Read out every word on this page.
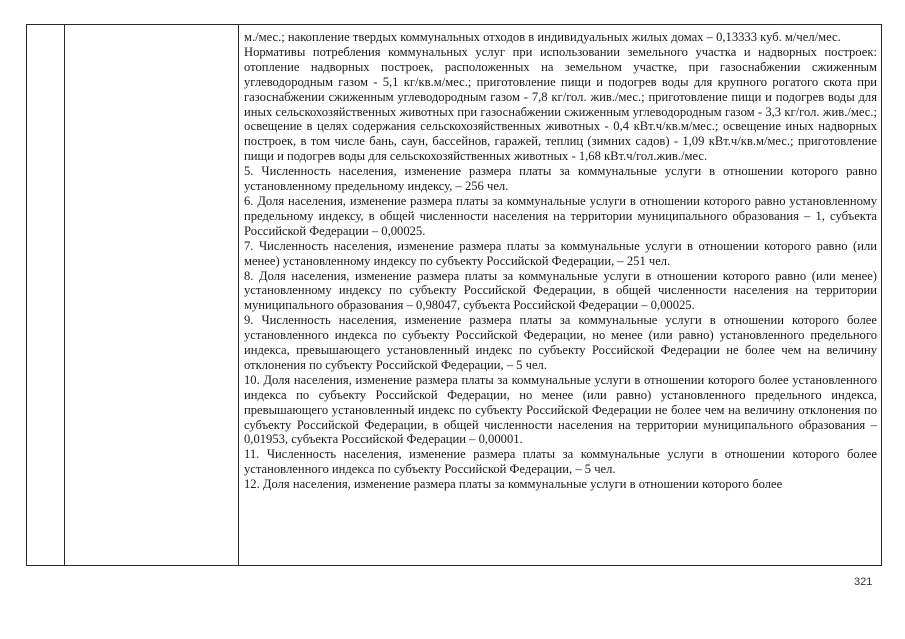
м./мес.; накопление твердых коммунальных отходов в индивидуальных жилых домах – 0,13333 куб. м/чел/мес.

Нормативы потребления коммунальных услуг при использовании земельного участка и надворных построек: отопление надворных построек, расположенных на земельном участке, при газоснабжении сжиженным углеводородным газом - 5,1 кг/кв.м/мес.; приготовление пищи и подогрев воды для крупного рогатого скота при газоснабжении сжиженным углеводородным газом - 7,8 кг/гол. жив./мес.; приготовление пищи и подогрев воды для иных сельскохозяйственных животных при газоснабжении сжиженным углеводородным газом - 3,3 кг/гол. жив./мес.; освещение в целях содержания сельскохозяйственных животных - 0,4 кВт.ч/кв.м/мес.; освещение иных надворных построек, в том числе бань, саун, бассейнов, гаражей, теплиц (зимних садов) - 1,09 кВт.ч/кв.м/мес.; приготовление пищи и подогрев воды для сельскохозяйственных животных - 1,68 кВт.ч/гол.жив./мес.

5. Численность населения, изменение размера платы за коммунальные услуги в отношении которого равно установленному предельному индексу, – 256 чел.

6. Доля населения, изменение размера платы за коммунальные услуги в отношении которого равно установленному предельному индексу, в общей численности населения на территории муниципального образования – 1, субъекта Российской Федерации – 0,00025.

7. Численность населения, изменение размера платы за коммунальные услуги в отношении которого равно (или менее) установленному индексу по субъекту Российской Федерации, – 251 чел.

8. Доля населения, изменение размера платы за коммунальные услуги в отношении которого равно (или менее) установленному индексу по субъекту Российской Федерации, в общей численности населения на территории муниципального образования – 0,98047, субъекта Российской Федерации – 0,00025.

9. Численность населения, изменение размера платы за коммунальные услуги в отношении которого более установленного индекса по субъекту Российской Федерации, но менее (или равно) установленного предельного индекса, превышающего установленный индекс по субъекту Российской Федерации не более чем на величину отклонения по субъекту Российской Федерации, – 5 чел.

10. Доля населения, изменение размера платы за коммунальные услуги в отношении которого более установленного индекса по субъекту Российской Федерации, но менее (или равно) установленного предельного индекса, превышающего установленный индекс по субъекту Российской Федерации не более чем на величину отклонения по субъекту Российской Федерации, в общей численности населения на территории муниципального образования – 0,01953, субъекта Российской Федерации – 0,00001.

11. Численность населения, изменение размера платы за коммунальные услуги в отношении которого более установленного индекса по субъекту Российской Федерации, – 5 чел.

12. Доля населения, изменение размера платы за коммунальные услуги в отношении которого более

321
